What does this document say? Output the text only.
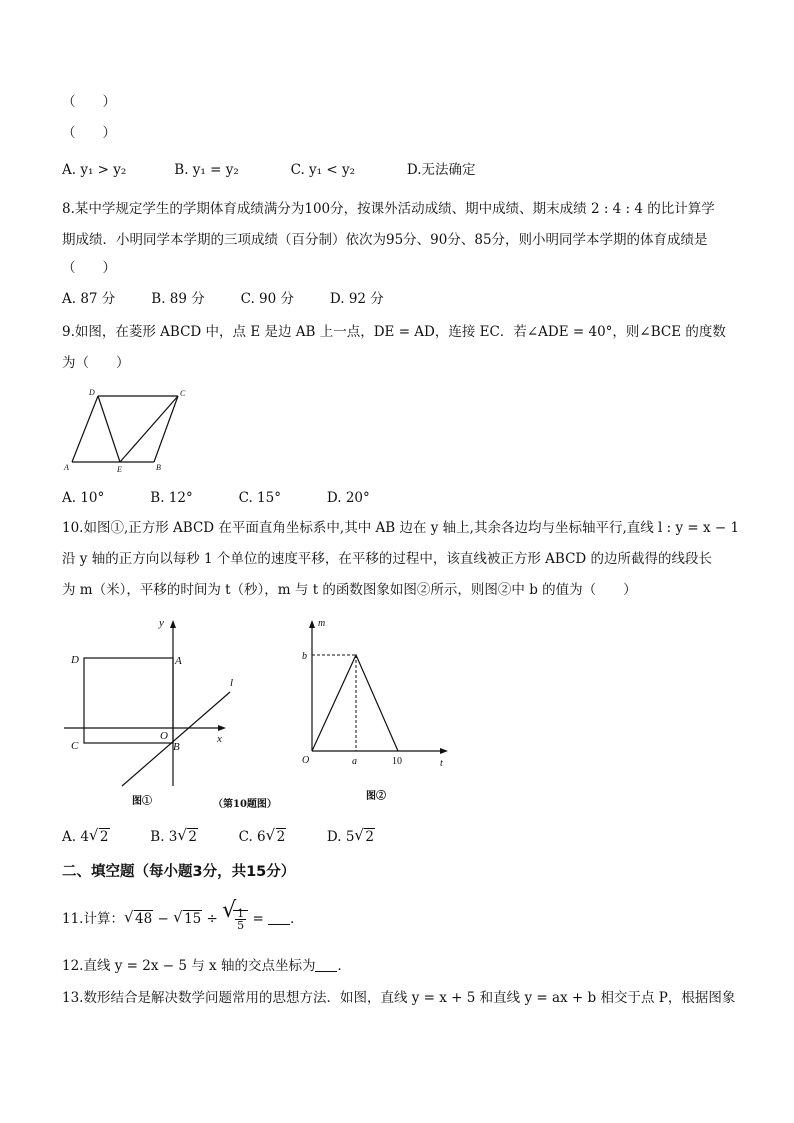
（　　）
（　　）
A. y₁ > y₂	B. y₁ = y₂	C. y₁ < y₂	D.无法确定
8.某中学规定学生的学期体育成绩满分为100分，按课外活动成绩、期中成绩、期末成绩 2 : 4 : 4 的比计算学
期成绩．小明同学本学期的三项成绩（百分制）依次为95分、90分、85分，则小明同学本学期的体育成绩是
（　　）
A. 87 分	B. 89 分	C. 90 分	D. 92 分
9.如图，在菱形 ABCD 中，点 E 是边 AB 上一点，DE = AD，连接 EC．若∠ADE = 40°，则∠BCE 的度数
为（　　）
D	C
A	E	B
A. 10°	B. 12°	C. 15°	D. 20°
10.如图①,正方形 ABCD 在平面直角坐标系中,其中 AB 边在 y 轴上,其余各边均与坐标轴平行,直线 l : y = x − 1
沿 y 轴的正方向以每秒 1 个单位的速度平移，在平移的过程中，该直线被正方形 ABCD 的边所截得的线段长
为 m（米），平移的时间为 t（秒），m 与 t 的函数图象如图②所示，则图②中 b 的值为（　　）
y
x
D	A
C
O
B
l
图①	（第10题图）
m
b
O	a	10	t
图②
A. 4 √ 2	B. 3 √ 2	C. 6 √ 2	D. 5 √ 2
二、填空题（每小题3分，共15分）
11.计算： √ 48 − √ 15 ÷ √
$\frac{1}{5}$ = ．
12.直线 y = 2x − 5 与 x 轴的交点坐标为 ．
13.数形结合是解决数学问题常用的思想方法．如图，直线 y = x + 5 和直线 y = ax + b 相交于点 P，根据图象
